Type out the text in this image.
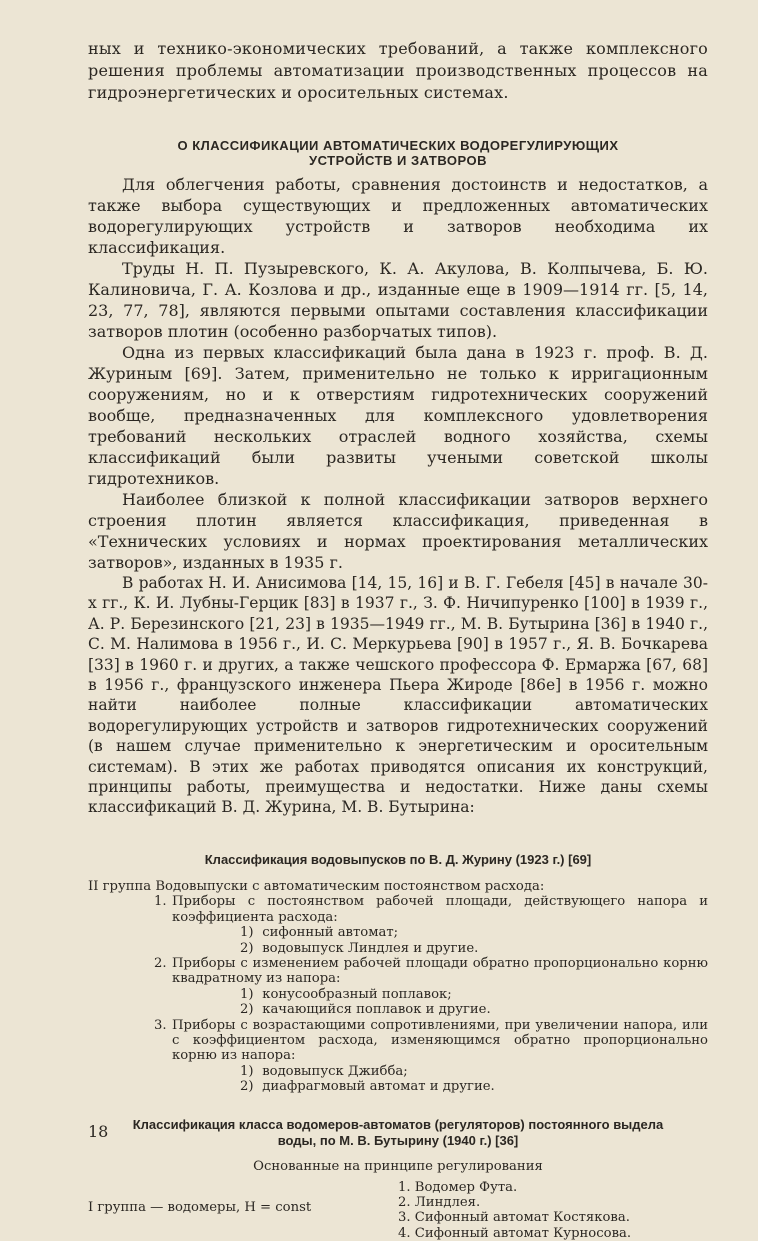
ных и технико-экономических требований, а также комплексного решения проблемы автоматизации производственных процессов на гидроэнергетических и оросительных системах.

О КЛАССИФИКАЦИИ АВТОМАТИЧЕСКИХ ВОДОРЕГУЛИРУЮЩИХ
УСТРОЙСТВ И ЗАТВОРОВ

Для облегчения работы, сравнения достоинств и недостатков, а также выбора существующих и предложенных автоматических водорегулирующих устройств и затворов необходима их классификация.

Труды Н. П. Пузыревского, К. А. Акулова, В. Колпычева, Б. Ю. Калиновича, Г. А. Козлова и др., изданные еще в 1909—1914 гг. [5, 14, 23, 77, 78], являются первыми опытами составления классификации затворов плотин (особенно разборчатых типов).

Одна из первых классификаций была дана в 1923 г. проф. В. Д. Журиным [69]. Затем, применительно не только к ирригационным сооружениям, но и к отверстиям гидротехнических сооружений вообще, предназначенных для комплексного удовлетворения требований нескольких отраслей водного хозяйства, схемы классификаций были развиты учеными советской школы гидротехников.

Наиболее близкой к полной классификации затворов верхнего строения плотин является классификация, приведенная в «Технических условиях и нормах проектирования металлических затворов», изданных в 1935 г.

В работах Н. И. Анисимова [14, 15, 16] и В. Г. Гебеля [45] в начале 30-х гг., К. И. Лубны-Герцик [83] в 1937 г., З. Ф. Ничипуренко [100] в 1939 г., А. Р. Березинского [21, 23] в 1935—1949 гг., М. В. Бутырина [36] в 1940 г., С. М. Налимова в 1956 г., И. С. Меркурьева [90] в 1957 г., Я. В. Бочкарева [33] в 1960 г. и других, а также чешского профессора Ф. Ермаржа [67, 68] в 1956 г., французского инженера Пьера Жироде [86е] в 1956 г. можно найти наиболее полные классификации автоматических водорегулирующих устройств и затворов гидротехнических сооружений (в нашем случае применительно к энергетическим и оросительным системам). В этих же работах приводятся описания их конструкций, принципы работы, преимущества и недостатки. Ниже даны схемы классификаций В. Д. Журина, М. В. Бутырина:

Классификация водовыпусков по В. Д. Журину (1923 г.) [69]
II группа Водовыпуски с автоматическим постоянством расхода:
1. Приборы с постоянством рабочей площади, действующего напора и коэффициента расхода:
1) сифонный автомат;
2) водовыпуск Линдлея и другие.
2. Приборы с изменением рабочей площади обратно пропорционально корню квадратному из напора:
1) конусообразный поплавок;
2) качающийся поплавок и другие.
3. Приборы с возрастающими сопротивлениями, при увеличении напора, или с коэффициентом расхода, изменяющимся обратно пропорционально корню из напора:
1) водовыпуск Джибба;
2) диафрагмовый автомат и другие.
Классификация класса водомеров-автоматов (регуляторов) постоянного выдела
воды, по М. В. Бутырину (1940 г.) [36]
Основанные на принципе регулирования
I группа — водомеры, H = const
1. Водомер Фута.
2. Линдлея.
3. Сифонный автомат Костякова.
4. Сифонный автомат Курносова.
18
